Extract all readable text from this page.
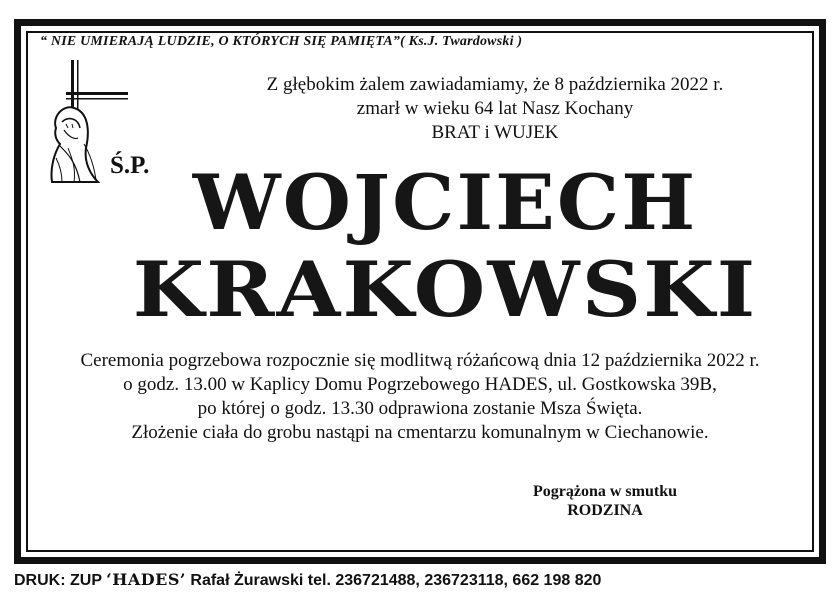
“ NIE UMIERAJĄ LUDZIE, O KTÓRYCH SIĘ PAMIĘTA”( Ks.J. Twardowski )
Ś.P.
Z głębokim żalem zawiadamiamy, że 8 października 2022 r.
zmarł w wieku 64 lat Nasz Kochany
BRAT i WUJEK
WOJCIECH
KRAKOWSKI
Ceremonia pogrzebowa rozpocznie się modlitwą różańcową dnia 12 października 2022 r.
o godz. 13.00 w Kaplicy Domu Pogrzebowego HADES, ul. Gostkowska 39B,
po której o godz. 13.30 odprawiona zostanie Msza Święta.
Złożenie ciała do grobu nastąpi na cmentarzu komunalnym w Ciechanowie.
Pogrążona w smutku
RODZINA
DRUK: ZUP ‘HADES’ Rafał Żurawski tel. 236721488, 236723118, 662 198 820
